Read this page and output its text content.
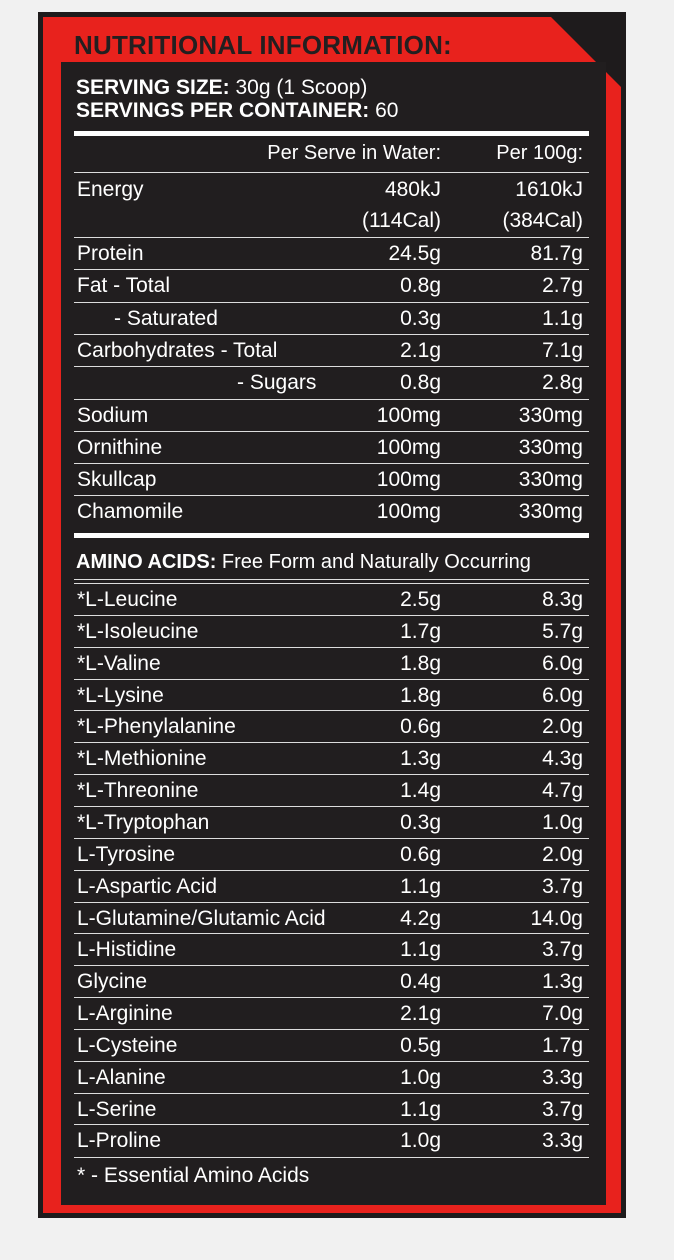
NUTRITIONAL INFORMATION:
SERVING SIZE: 30g (1 Scoop)
SERVINGS PER CONTAINER: 60
Per Serve in Water:	Per 100g:
Energy	480kJ	1610kJ
(114Cal)	(384Cal)
Protein	24.5g	81.7g
Fat - Total	0.8g	2.7g
- Saturated	0.3g	1.1g
Carbohydrates - Total	2.1g	7.1g
- Sugars	0.8g	2.8g
Sodium	100mg	330mg
Ornithine	100mg	330mg
Skullcap	100mg	330mg
Chamomile	100mg	330mg
AMINO ACIDS: Free Form and Naturally Occurring
*L-Leucine	2.5g	8.3g
*L-Isoleucine	1.7g	5.7g
*L-Valine	1.8g	6.0g
*L-Lysine	1.8g	6.0g
*L-Phenylalanine	0.6g	2.0g
*L-Methionine	1.3g	4.3g
*L-Threonine	1.4g	4.7g
*L-Tryptophan	0.3g	1.0g
L-Tyrosine	0.6g	2.0g
L-Aspartic Acid	1.1g	3.7g
L-Glutamine/Glutamic Acid	4.2g	14.0g
L-Histidine	1.1g	3.7g
Glycine	0.4g	1.3g
L-Arginine	2.1g	7.0g
L-Cysteine	0.5g	1.7g
L-Alanine	1.0g	3.3g
L-Serine	1.1g	3.7g
L-Proline	1.0g	3.3g
* - Essential Amino Acids
